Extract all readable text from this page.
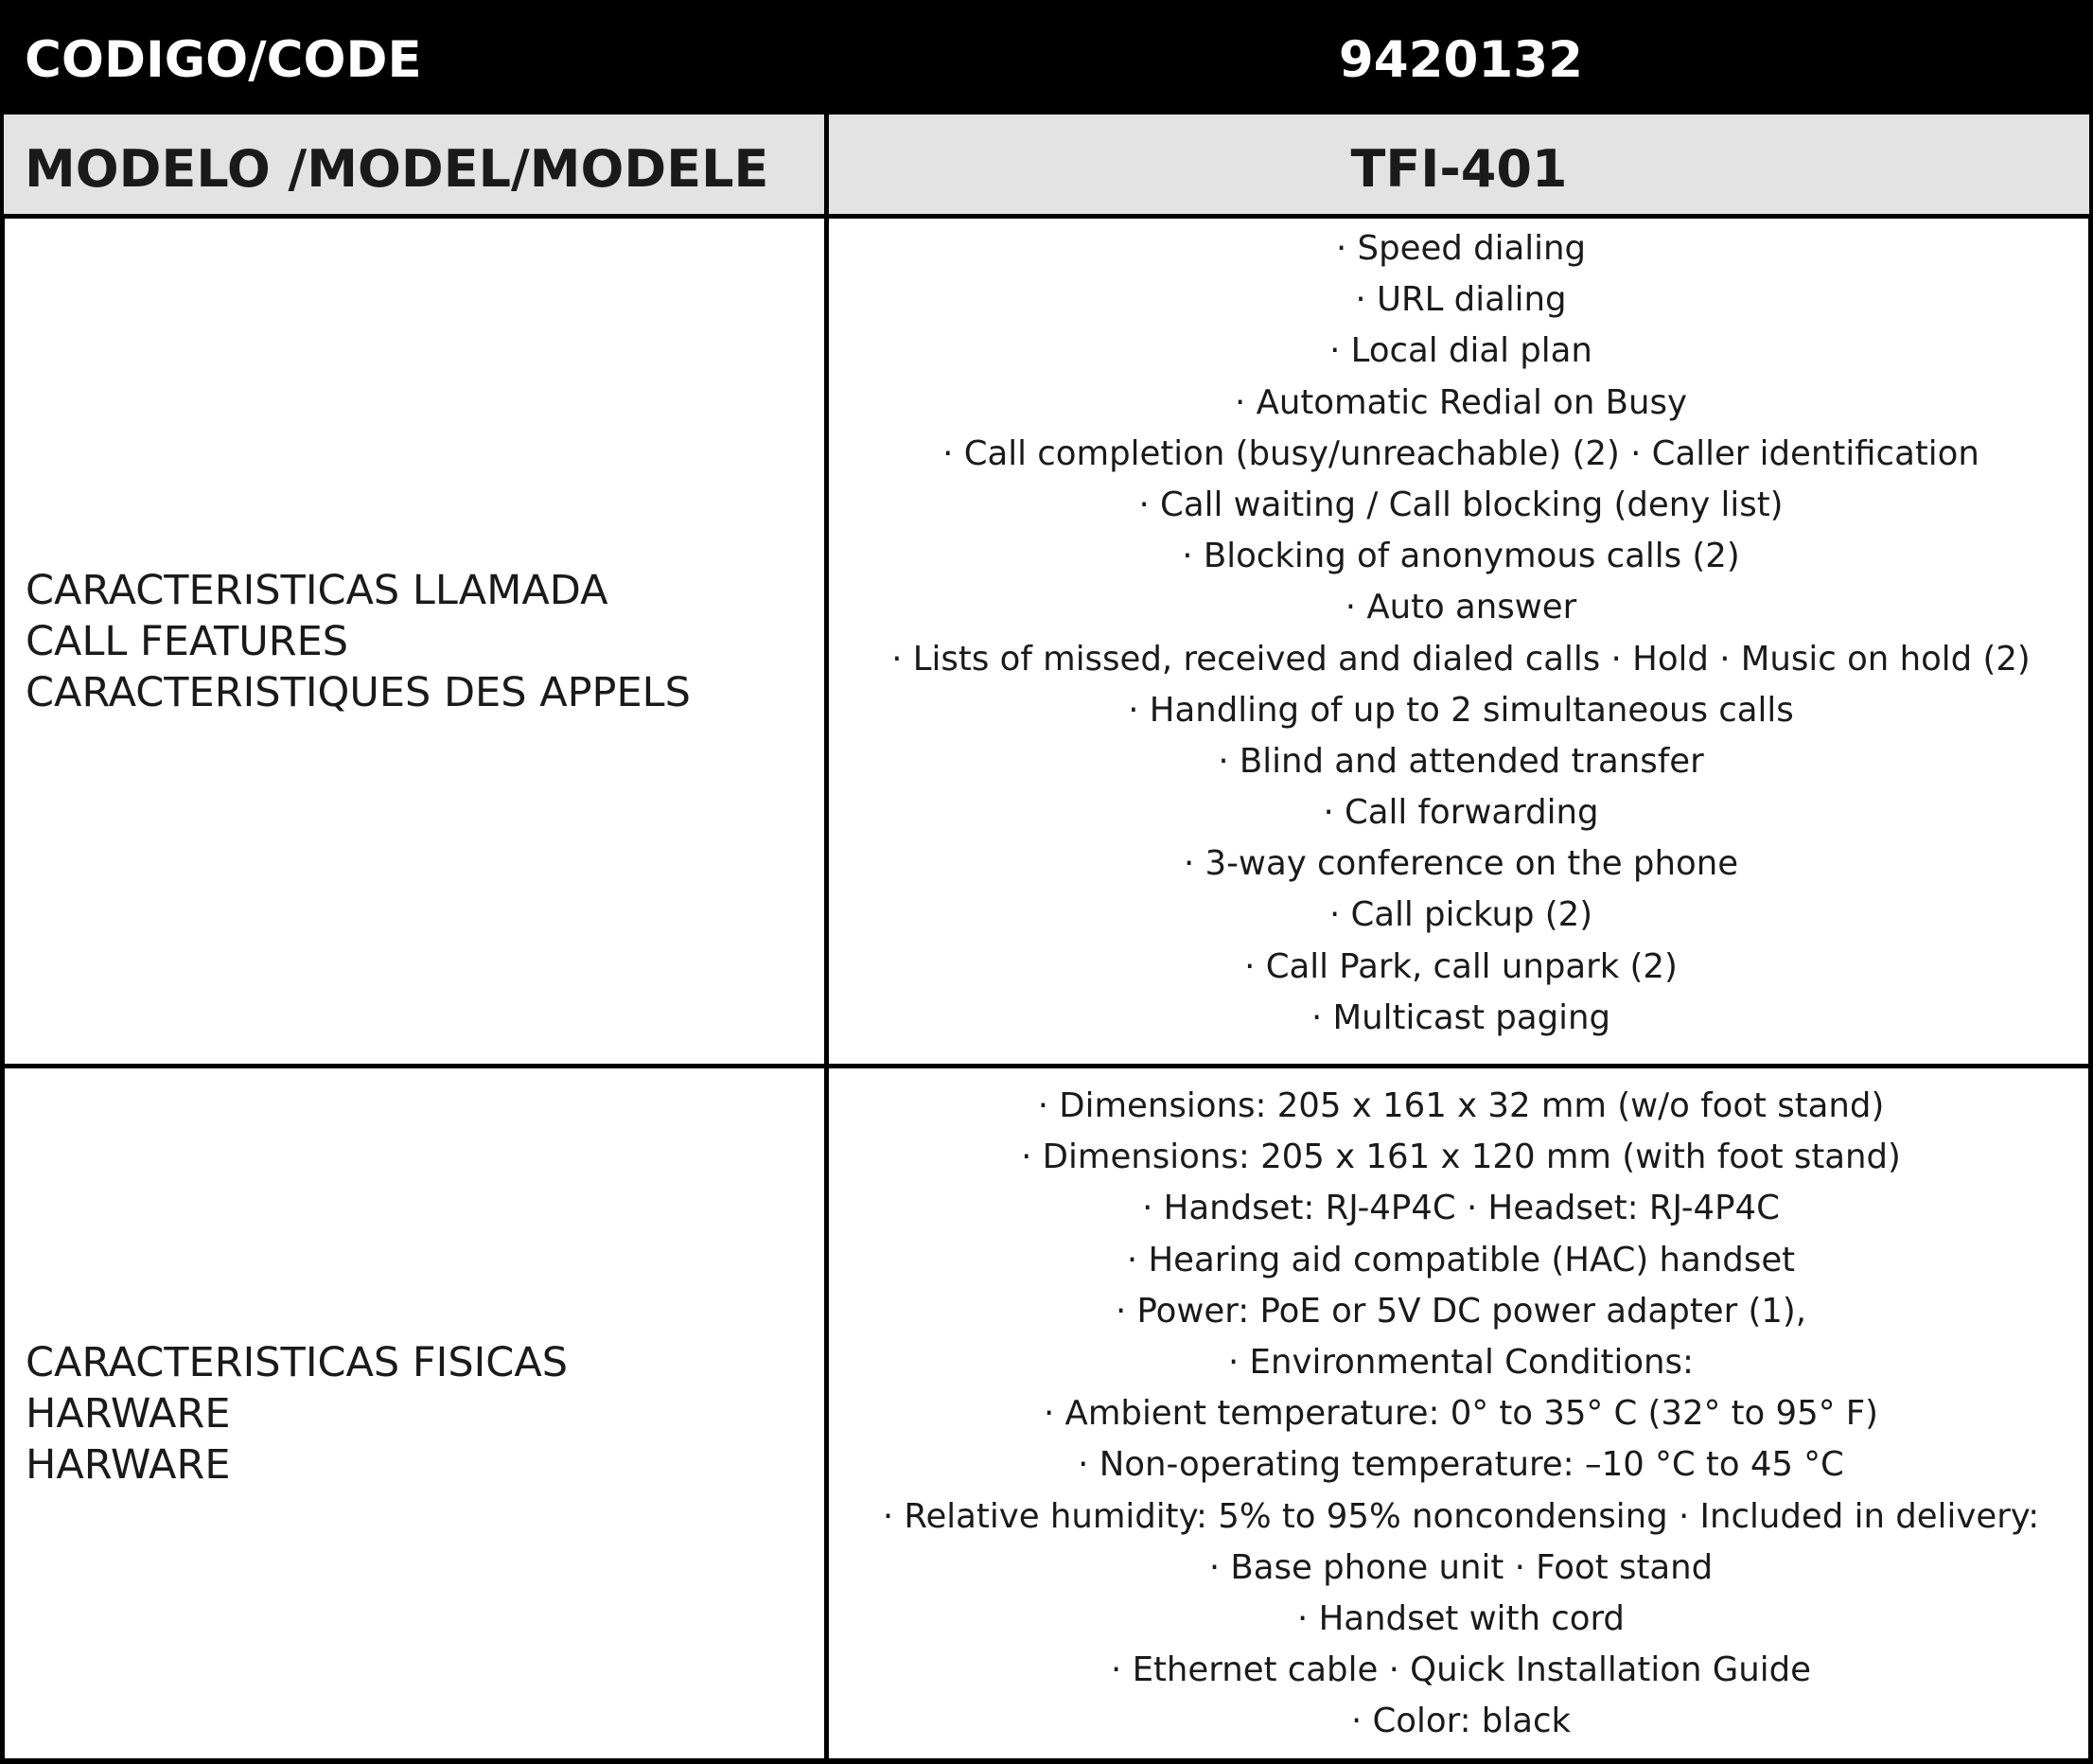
CODIGO/CODE	9420132
MODELO /MODEL/MODELE	TFI-401
CARACTERISTICAS LLAMADA
CALL FEATURES
CARACTERISTIQUES DES APPELS
· Speed dialing
· URL dialing
· Local dial plan
· Automatic Redial on Busy
· Call completion (busy/unreachable) (2) · Caller identification
· Call waiting / Call blocking (deny list)
· Blocking of anonymous calls (2)
· Auto answer
· Lists of missed, received and dialed calls · Hold · Music on hold (2)
· Handling of up to 2 simultaneous calls
· Blind and attended transfer
· Call forwarding
· 3-way conference on the phone
· Call pickup (2)
· Call Park, call unpark (2)
· Multicast paging
CARACTERISTICAS FISICAS
HARWARE
HARWARE
· Dimensions: 205 x 161 x 32 mm (w/o foot stand)
· Dimensions: 205 x 161 x 120 mm (with foot stand)
· Handset: RJ-4P4C · Headset: RJ-4P4C
· Hearing aid compatible (HAC) handset
· Power: PoE or 5V DC power adapter (1),
· Environmental Conditions:
· Ambient temperature: 0° to 35° C (32° to 95° F)
· Non-operating temperature: –10 °C to 45 °C
· Relative humidity: 5% to 95% noncondensing · Included in delivery:
· Base phone unit · Foot stand
· Handset with cord
· Ethernet cable · Quick Installation Guide
· Color: black
